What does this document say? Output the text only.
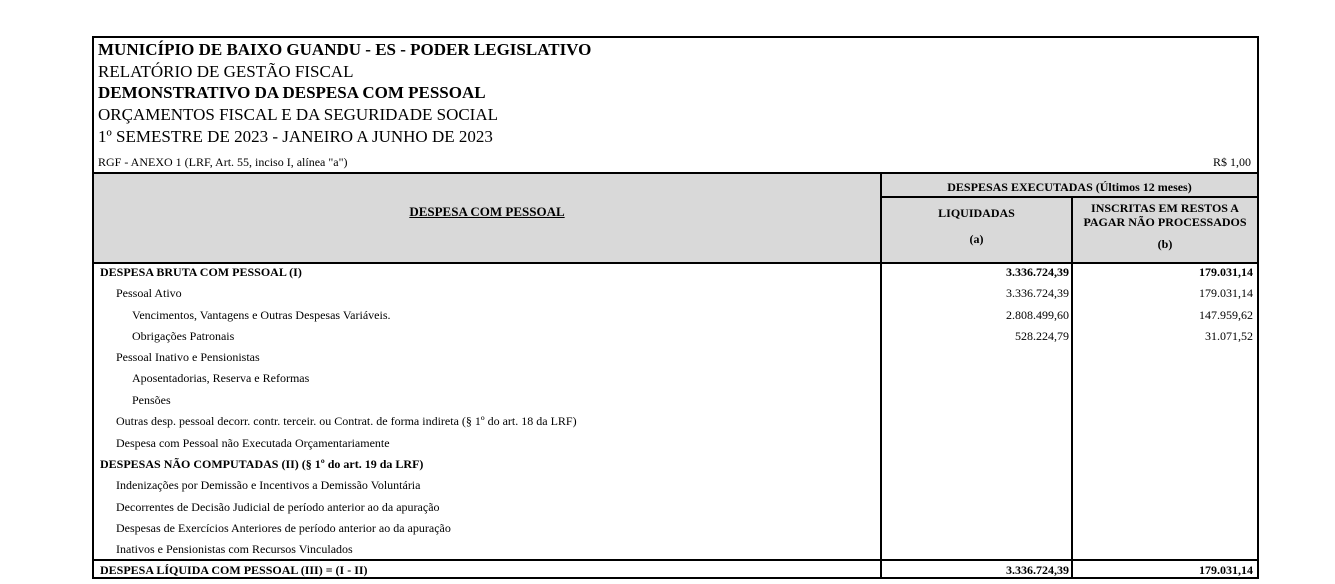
MUNICÍPIO DE BAIXO GUANDU - ES - PODER LEGISLATIVO
RELATÓRIO DE GESTÃO FISCAL
DEMONSTRATIVO DA DESPESA COM PESSOAL
ORÇAMENTOS FISCAL E DA SEGURIDADE SOCIAL
1º SEMESTRE DE 2023 - JANEIRO A JUNHO DE 2023
RGF - ANEXO 1 (LRF, Art. 55, inciso I, alínea "a")	R$ 1,00
DESPESA COM PESSOAL
DESPESAS EXECUTADAS (Últimos 12 meses)
LIQUIDADAS
(a)
INSCRITAS EM RESTOS A
PAGAR NÃO PROCESSADOS
(b)
DESPESA BRUTA COM PESSOAL (I)	3.336.724,39	179.031,14
Pessoal Ativo	3.336.724,39	179.031,14
Vencimentos, Vantagens e Outras Despesas Variáveis.	2.808.499,60	147.959,62
Obrigações Patronais	528.224,79	31.071,52
Pessoal Inativo e Pensionistas
Aposentadorias, Reserva e Reformas
Pensões
Outras desp. pessoal decorr. contr. terceir. ou Contrat. de forma indireta (§ 1º do art. 18 da LRF)
Despesa com Pessoal não Executada Orçamentariamente
DESPESAS NÃO COMPUTADAS (II) (§ 1º do art. 19 da LRF)
Indenizações por Demissão e Incentivos a Demissão Voluntária
Decorrentes de Decisão Judicial de período anterior ao da apuração
Despesas de Exercícios Anteriores de período anterior ao da apuração
Inativos e Pensionistas com Recursos Vinculados
DESPESA LÍQUIDA COM PESSOAL (III) = (I - II)	3.336.724,39	179.031,14
